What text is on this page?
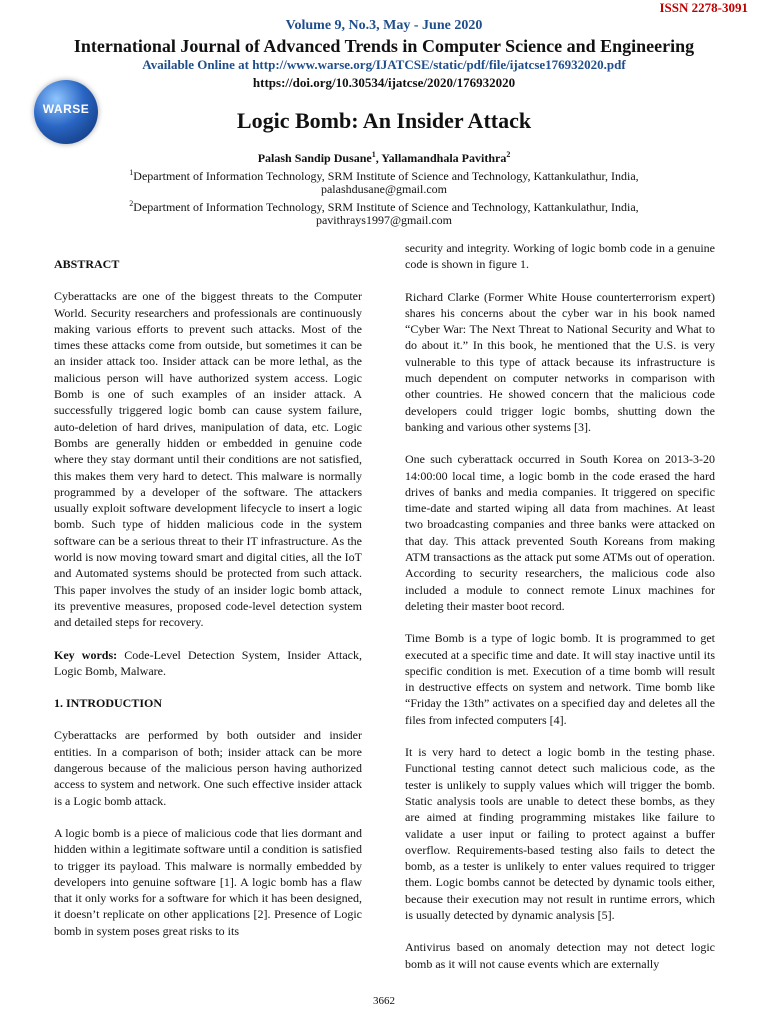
ISSN 2278-3091
Volume 9, No.3, May - June 2020
International Journal of Advanced Trends in Computer Science and Engineering
Available Online at http://www.warse.org/IJATCSE/static/pdf/file/ijatcse176932020.pdf
https://doi.org/10.30534/ijatcse/2020/176932020
WARSE	Logic Bomb: An Insider Attack
Palash Sandip Dusane$^1$, Yallamandhala Pavithra$^2$
$^1$Department of Information Technology, SRM Institute of Science and Technology, Kattankulathur, India,
palashdusane@gmail.com
$^2$Department of Information Technology, SRM Institute of Science and Technology, Kattankulathur, India,
pavithrays1997@gmail.com
ABSTRACT

Cyberattacks are one of the biggest threats to the Computer World. Security researchers and professionals are continuously making various efforts to prevent such attacks. Most of the times these attacks come from outside, but sometimes it can be an insider attack too. Insider attack can be more lethal, as the malicious person will have authorized system access. Logic Bomb is one of such examples of an insider attack. A successfully triggered logic bomb can cause system failure, auto-deletion of hard drives, manipulation of data, etc. Logic Bombs are generally hidden or embedded in genuine code where they stay dormant until their conditions are not satisfied, this makes them very hard to detect. This malware is normally programmed by a developer of the software. The attackers usually exploit software development lifecycle to insert a logic bomb. Such type of hidden malicious code in the system software can be a serious threat to their IT infrastructure. As the world is now moving toward smart and digital cities, all the IoT and Automated systems should be protected from such attack. This paper involves the study of an insider logic bomb attack, its preventive measures, proposed code-level detection system and detailed steps for recovery.

Key words: Code-Level Detection System, Insider Attack, Logic Bomb, Malware.

1. INTRODUCTION

Cyberattacks are performed by both outsider and insider entities. In a comparison of both; insider attack can be more dangerous because of the malicious person having authorized access to system and network. One such effective insider attack is a Logic bomb attack.

A logic bomb is a piece of malicious code that lies dormant and hidden within a legitimate software until a condition is satisfied to trigger its payload. This malware is normally embedded by developers into genuine software [1]. A logic bomb has a flaw that it only works for a software for which it has been designed, it doesn’t replicate on other applications [2]. Presence of Logic bomb in system poses great risks to its

security and integrity. Working of logic bomb code in a genuine code is shown in figure 1.

Richard Clarke (Former White House counterterrorism expert) shares his concerns about the cyber war in his book named “Cyber War: The Next Threat to National Security and What to do about it.” In this book, he mentioned that the U.S. is very vulnerable to this type of attack because its infrastructure is much dependent on computer networks in comparison with other countries. He showed concern that the malicious code developers could trigger logic bombs, shutting down the banking and various other systems [3].

One such cyberattack occurred in South Korea on 2013-3-20 14:00:00 local time, a logic bomb in the code erased the hard drives of banks and media companies. It triggered on specific time-date and started wiping all data from machines. At least two broadcasting companies and three banks were attacked on that day. This attack prevented South Koreans from making ATM transactions as the attack put some ATMs out of operation. According to security researchers, the malicious code also included a module to connect remote Linux machines for deleting their master boot record.

Time Bomb is a type of logic bomb. It is programmed to get executed at a specific time and date. It will stay inactive until its specific condition is met. Execution of a time bomb will result in destructive effects on system and network. Time bomb like “Friday the 13th” activates on a specified day and deletes all the files from infected computers [4].

It is very hard to detect a logic bomb in the testing phase. Functional testing cannot detect such malicious code, as the tester is unlikely to supply values which will trigger the bomb. Static analysis tools are unable to detect these bombs, as they are aimed at finding programming mistakes like failure to validate a user input or failing to protect against a buffer overflow. Requirements-based testing also fails to detect the bomb, as a tester is unlikely to enter values required to trigger them. Logic bombs cannot be detected by dynamic tools either, because their execution may not result in runtime errors, which is usually detected by dynamic analysis [5].

Antivirus based on anomaly detection may not detect logic bomb as it will not cause events which are externally

3662
